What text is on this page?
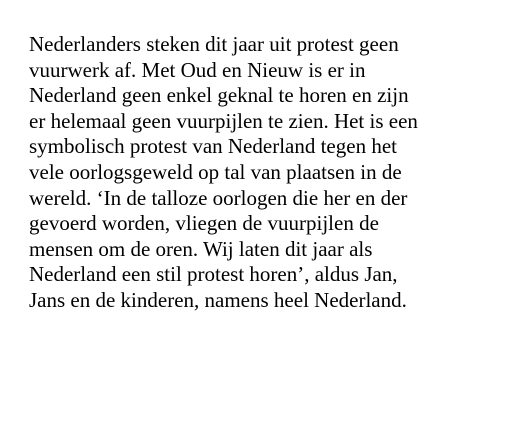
Nederlanders steken dit jaar uit protest geen
vuurwerk af. Met Oud en Nieuw is er in
Nederland geen enkel geknal te horen en zijn
er helemaal geen vuurpijlen te zien. Het is een
symbolisch protest van Nederland tegen het
vele oorlogsgeweld op tal van plaatsen in de
wereld. ‘In de talloze oorlogen die her en der
gevoerd worden, vliegen de vuurpijlen de
mensen om de oren. Wij laten dit jaar als
Nederland een stil protest horen’, aldus Jan,
Jans en de kinderen, namens heel Nederland.
